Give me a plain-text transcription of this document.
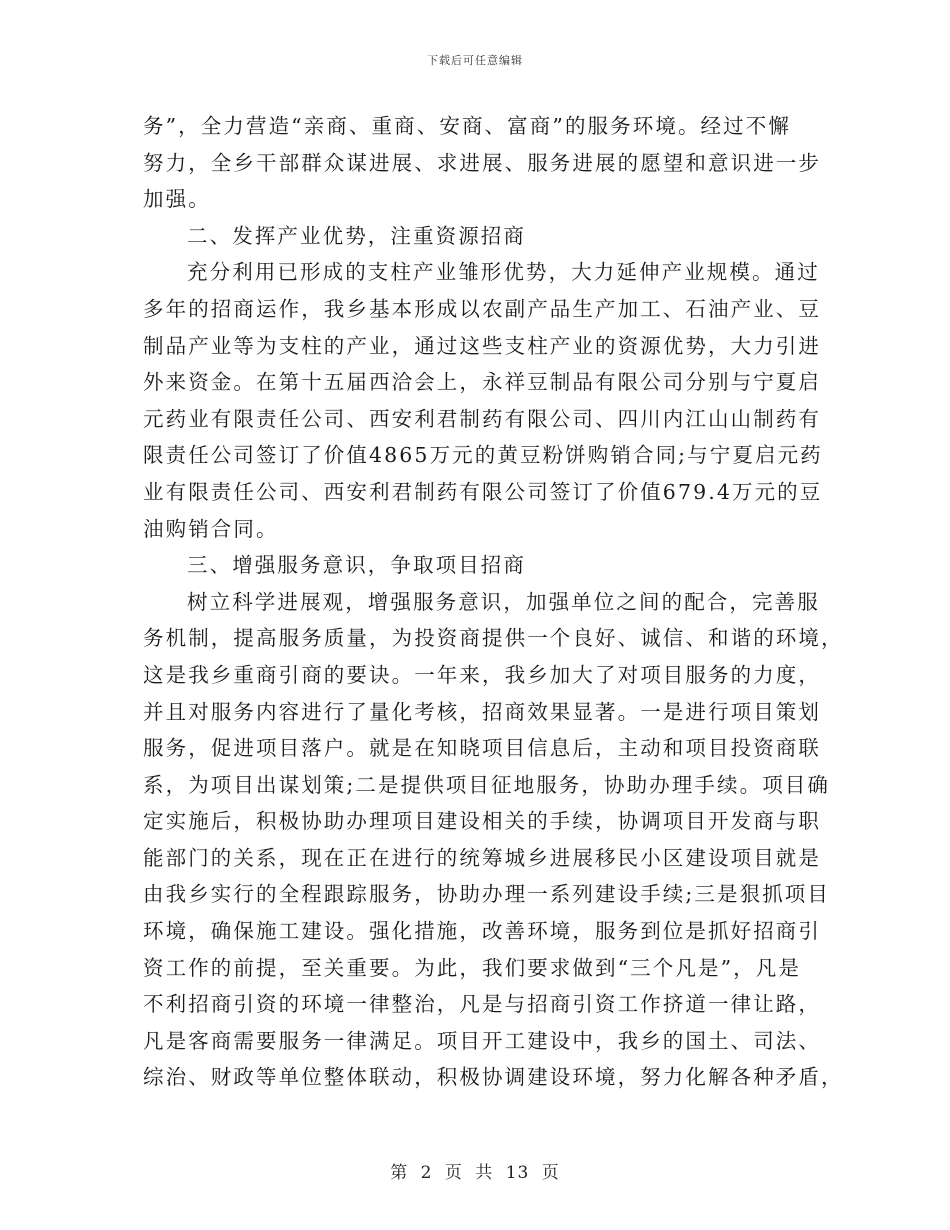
下载后可任意编辑
务”，全力营造“亲商、重商、安商、富商”的服务环境。经过不懈
努力，全乡干部群众谋进展、求进展、服务进展的愿望和意识进一步
加强。
二、发挥产业优势，注重资源招商
充分利用已形成的支柱产业雏形优势，大力延伸产业规模。通过
多年的招商运作，我乡基本形成以农副产品生产加工、石油产业、豆
制品产业等为支柱的产业，通过这些支柱产业的资源优势，大力引进
外来资金。在第十五届西洽会上，永祥豆制品有限公司分别与宁夏启
元药业有限责任公司、西安利君制药有限公司、四川内江山山制药有
限责任公司签订了价值4865万元的黄豆粉饼购销合同;与宁夏启元药
业有限责任公司、西安利君制药有限公司签订了价值679.4万元的豆
油购销合同。
三、增强服务意识，争取项目招商
树立科学进展观，增强服务意识，加强单位之间的配合，完善服
务机制，提高服务质量，为投资商提供一个良好、诚信、和谐的环境，
这是我乡重商引商的要诀。一年来，我乡加大了对项目服务的力度，
并且对服务内容进行了量化考核，招商效果显著。一是进行项目策划
服务，促进项目落户。就是在知晓项目信息后，主动和项目投资商联
系，为项目出谋划策;二是提供项目征地服务，协助办理手续。项目确
定实施后，积极协助办理项目建设相关的手续，协调项目开发商与职
能部门的关系，现在正在进行的统筹城乡进展移民小区建设项目就是
由我乡实行的全程跟踪服务，协助办理一系列建设手续;三是狠抓项目
环境，确保施工建设。强化措施，改善环境，服务到位是抓好招商引
资工作的前提，至关重要。为此，我们要求做到“三个凡是”，凡是
不利招商引资的环境一律整治，凡是与招商引资工作挤道一律让路，
凡是客商需要服务一律满足。项目开工建设中，我乡的国土、司法、
综治、财政等单位整体联动，积极协调建设环境，努力化解各种矛盾，
第 2 页 共 13 页
